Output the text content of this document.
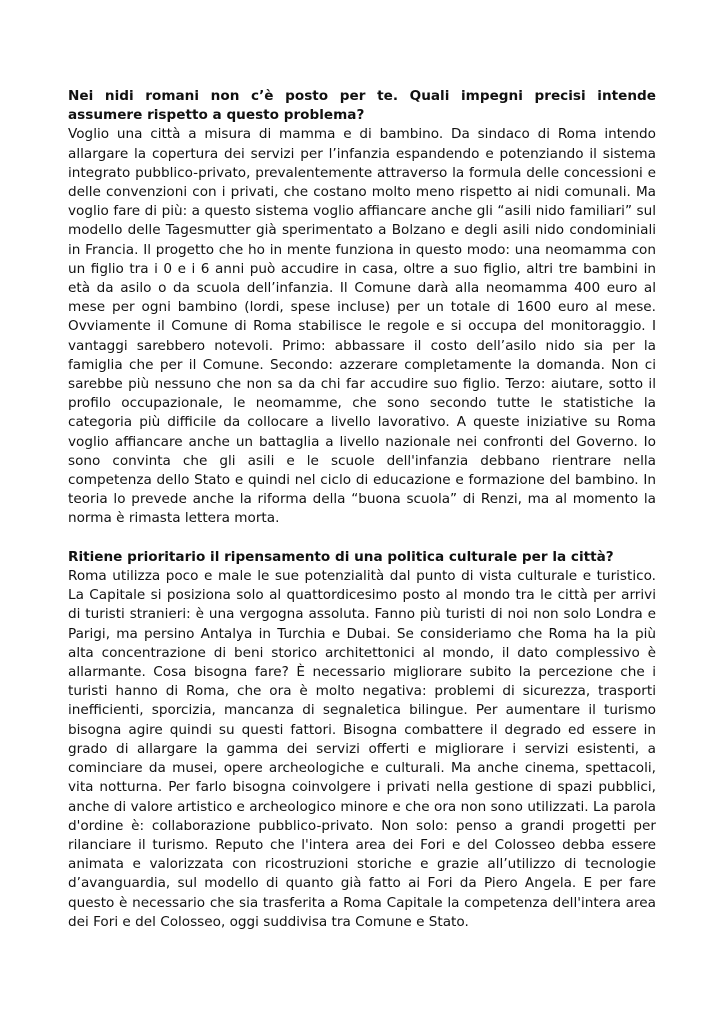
Nei nidi romani non c’è posto per te. Quali impegni precisi intende assumere rispetto a questo problema?

Voglio una città a misura di mamma e di bambino. Da sindaco di Roma intendo allargare la copertura dei servizi per l’infanzia espandendo e potenziando il sistema integrato pubblico-privato, prevalentemente attraverso la formula delle concessioni e delle convenzioni con i privati, che costano molto meno rispetto ai nidi comunali. Ma voglio fare di più: a questo sistema voglio affiancare anche gli “asili nido familiari” sul modello delle Tagesmutter già sperimentato a Bolzano e degli asili nido condominiali in Francia. Il progetto che ho in mente funziona in questo modo: una neomamma con un figlio tra i 0 e i 6 anni può accudire in casa, oltre a suo figlio, altri tre bambini in età da asilo o da scuola dell’infanzia. Il Comune darà alla neomamma 400 euro al mese per ogni bambino (lordi, spese incluse) per un totale di 1600 euro al mese. Ovviamente il Comune di Roma stabilisce le regole e si occupa del monitoraggio. I vantaggi sarebbero notevoli. Primo: abbassare il costo dell’asilo nido sia per la famiglia che per il Comune. Secondo: azzerare completamente la domanda. Non ci sarebbe più nessuno che non sa da chi far accudire suo figlio. Terzo: aiutare, sotto il profilo occupazionale, le neomamme, che sono secondo tutte le statistiche la categoria più difficile da collocare a livello lavorativo. A queste iniziative su Roma voglio affiancare anche un battaglia a livello nazionale nei confronti del Governo. Io sono convinta che gli asili e le scuole dell'infanzia debbano rientrare nella competenza dello Stato e quindi nel ciclo di educazione e formazione del bambino. In teoria lo prevede anche la riforma della “buona scuola” di Renzi, ma al momento la norma è rimasta lettera morta.

Ritiene prioritario il ripensamento di una politica culturale per la città?

Roma utilizza poco e male le sue potenzialità dal punto di vista culturale e turistico. La Capitale si posiziona solo al quattordicesimo posto al mondo tra le città per arrivi di turisti stranieri: è una vergogna assoluta. Fanno più turisti di noi non solo Londra e Parigi, ma persino Antalya in Turchia e Dubai. Se consideriamo che Roma ha la più alta concentrazione di beni storico architettonici al mondo, il dato complessivo è allarmante. Cosa bisogna fare? È necessario migliorare subito la percezione che i turisti hanno di Roma, che ora è molto negativa: problemi di sicurezza, trasporti inefficienti, sporcizia, mancanza di segnaletica bilingue. Per aumentare il turismo bisogna agire quindi su questi fattori. Bisogna combattere il degrado ed essere in grado di allargare la gamma dei servizi offerti e migliorare i servizi esistenti, a cominciare da musei, opere archeologiche e culturali. Ma anche cinema, spettacoli, vita notturna. Per farlo bisogna coinvolgere i privati nella gestione di spazi pubblici, anche di valore artistico e archeologico minore e che ora non sono utilizzati. La parola d'ordine è: collaborazione pubblico-privato. Non solo: penso a grandi progetti per rilanciare il turismo. Reputo che l'intera area dei Fori e del Colosseo debba essere animata e valorizzata con ricostruzioni storiche e grazie all’utilizzo di tecnologie d’avanguardia, sul modello di quanto già fatto ai Fori da Piero Angela. E per fare questo è necessario che sia trasferita a Roma Capitale la competenza dell'intera area dei Fori e del Colosseo, oggi suddivisa tra Comune e Stato.
